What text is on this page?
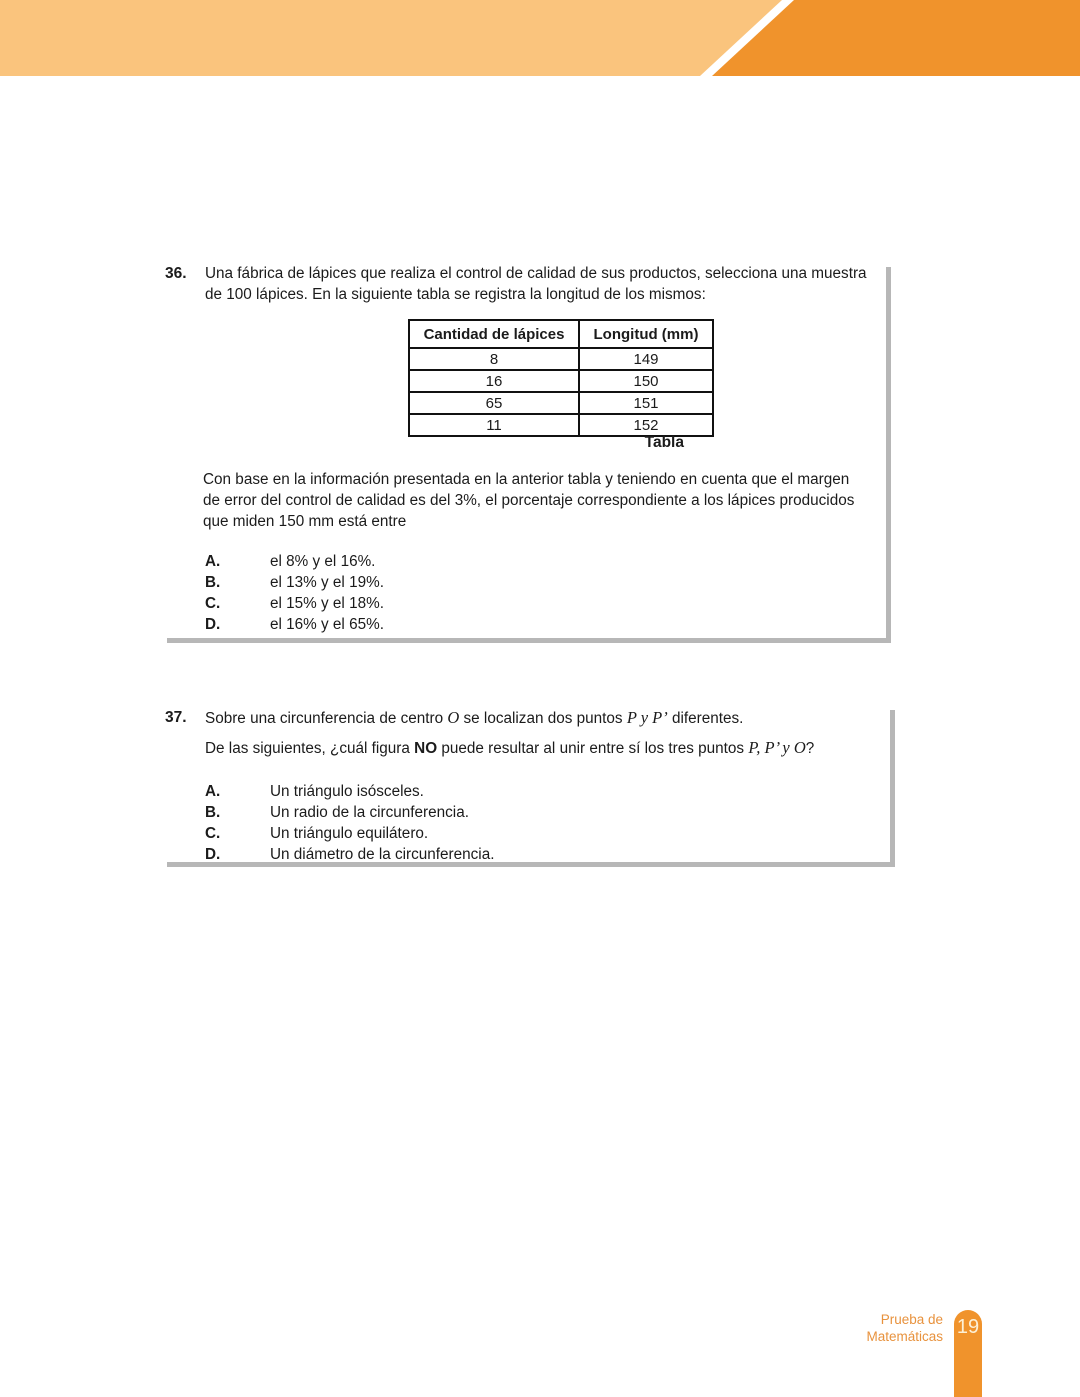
36. Una fábrica de lápices que realiza el control de calidad de sus productos, selecciona una muestra
de 100 lápices. En la siguiente tabla se registra la longitud de los mismos:
Cantidad de lápices	Longitud (mm)
8	149
16	150
65	151
11	152
Tabla
Con base en la información presentada en la anterior tabla y teniendo en cuenta que el margen
de error del control de calidad es del 3%, el porcentaje correspondiente a los lápices producidos
que miden 150 mm está entre
A.	el 8% y el 16%.
B.	el 13% y el 19%.
C.	el 15% y el 18%.
D.	el 16% y el 65%.
37. Sobre una circunferencia de centro O se localizan dos puntos P y P’ diferentes.
De las siguientes, ¿cuál figura NO puede resultar al unir entre sí los tres puntos P, P’ y O?
A.	Un triángulo isósceles.
B.	Un radio de la circunferencia.
C.	Un triángulo equilátero.
D.	Un diámetro de la circunferencia.
Prueba de
Matemáticas 19
